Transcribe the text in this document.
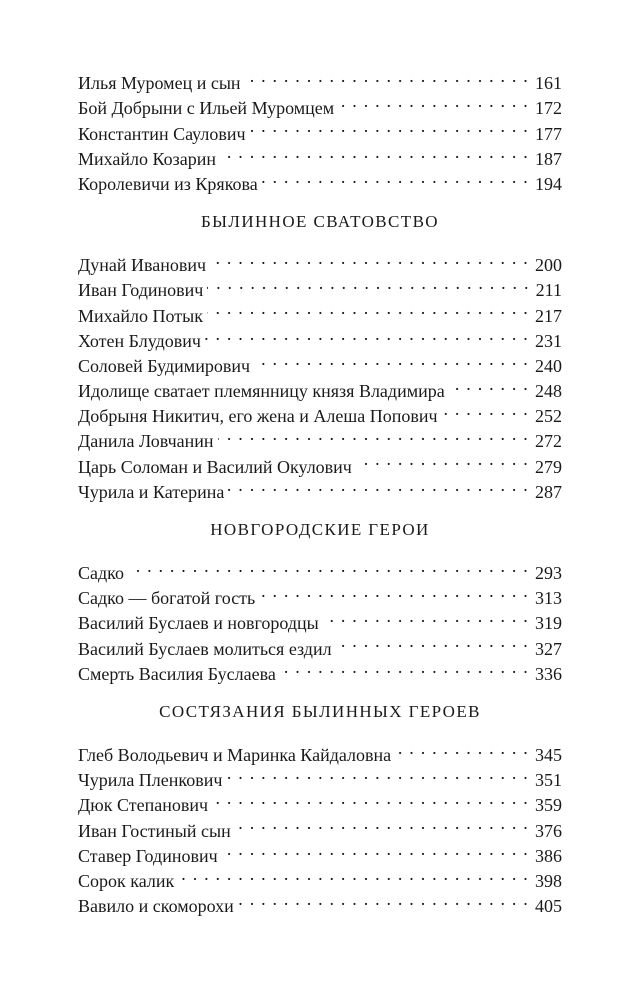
Илья Муромец и сын . . .	161
Бой Добрыни с Ильей Муромцем . . .	172
Константин Саулович . . .	177
Михайло Козарин . . .	187
Королевичи из Крякова . . .	194
БЫЛИННОЕ СВАТОВСТВО
Дунай Иванович . . .	200
Иван Годинович . . .	211
Михайло Потык . . .	217
Хотен Блудович . . .	231
Соловей Будимирович . . .	240
Идолище сватает племянницу князя Владимира . . .	248
Добрыня Никитич, его жена и Алеша Попович . . .	252
Данила Ловчанин . . .	272
Царь Соломан и Василий Окулович . . .	279
Чурила и Катерина . . .	287
НОВГОРОДСКИЕ ГЕРОИ
Садко . . .	293
Садко — богатой гость . . .	313
Василий Буслаев и новгородцы . . .	319
Василий Буслаев молиться ездил . . .	327
Смерть Василия Буслаева . . .	336
СОСТЯЗАНИЯ БЫЛИННЫХ ГЕРОЕВ
Глеб Володьевич и Маринка Кайдаловна . . .	345
Чурила Пленкович . . .	351
Дюк Степанович . . .	359
Иван Гостиный сын . . .	376
Ставер Годинович . . .	386
Сорок калик . . .	398
Вавило и скоморохи . . .	405
